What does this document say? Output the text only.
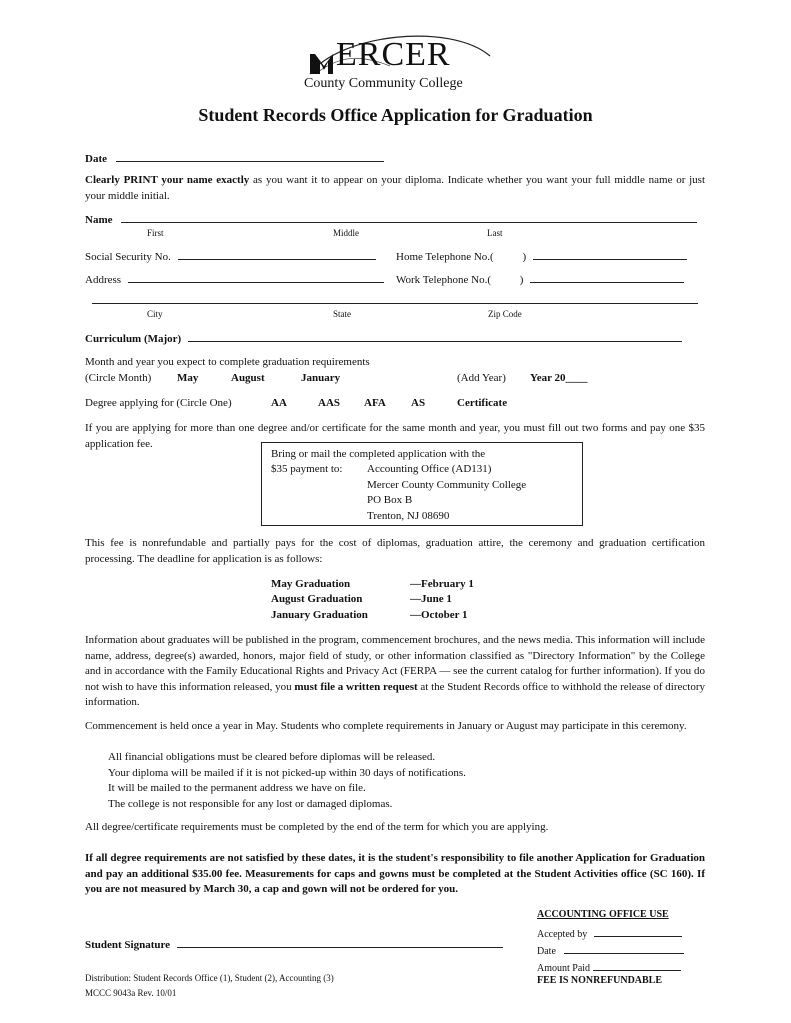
ERCER
County Community College
Student Records Office Application for Graduation
Date
Clearly PRINT your name exactly as you want it to appear on your diploma. Indicate whether you want your full middle name or just your middle initial.
Name
First	Middle	Last
Social Security No.	Home Telephone No.(	)
Address	Work Telephone No.(	)
City	State	Zip Code
Curriculum (Major)
Month and year you expect to complete graduation requirements
(Circle Month) May	August	January	(Add Year) Year 20____
Degree applying for (Circle One)	AA	AAS AFA AS	Certificate
If you are applying for more than one degree and/or certificate for the same month and year, you must fill out two forms and pay one $35 application fee.
Bring or mail the completed application with the
$35 payment to: Accounting Office (AD131)
Mercer County Community College
PO Box B
Trenton, NJ 08690
This fee is nonrefundable and partially pays for the cost of diplomas, graduation attire, the ceremony and graduation certification processing. The deadline for application is as follows:
May Graduation	—February 1
August Graduation	—June 1
January Graduation	—October 1
Information about graduates will be published in the program, commencement brochures, and the news media. This information will include name, address, degree(s) awarded, honors, major field of study, or other information classified as "Directory Information" by the College and in accordance with the Family Educational Rights and Privacy Act (FERPA — see the current catalog for further information). If you do not wish to have this information released, you must file a written request at the Student Records office to withhold the release of directory information.
Commencement is held once a year in May. Students who complete requirements in January or August may participate in this ceremony.
All financial obligations must be cleared before diplomas will be released.
Your diploma will be mailed if it is not picked-up within 30 days of notifications.
It will be mailed to the permanent address we have on file.
The college is not responsible for any lost or damaged diplomas.
All degree/certificate requirements must be completed by the end of the term for which you are applying.
If all degree requirements are not satisfied by these dates, it is the student's responsibility to file another Application for Graduation and pay an additional $35.00 fee. Measurements for caps and gowns must be completed at the Student Activities office (SC 160). If you are not measured by March 30, a cap and gown will not be ordered for you.
Student Signature
ACCOUNTING OFFICE USE
Accepted by
Date
Amount Paid
FEE IS NONREFUNDABLE
Distribution: Student Records Office (1), Student (2), Accounting (3)
MCCC 9043a Rev. 10/01
